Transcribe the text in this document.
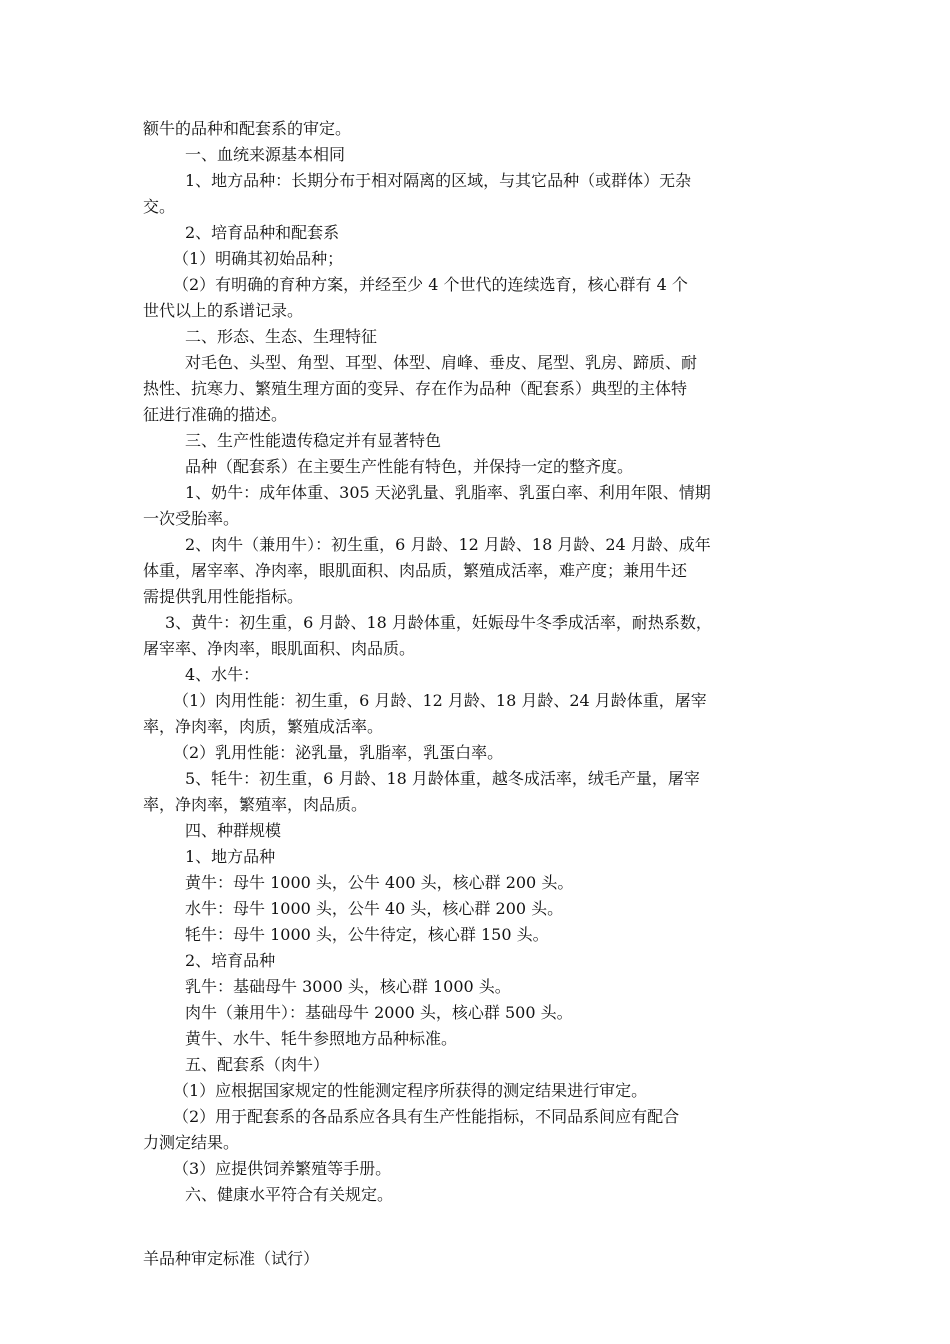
额牛的品种和配套系的审定。
一、血统来源基本相同
1、地方品种：长期分布于相对隔离的区域，与其它品种（或群体）无杂
交。
2、培育品种和配套系
（1）明确其初始品种；
（2）有明确的育种方案，并经至少 4 个世代的连续选育，核心群有 4 个
世代以上的系谱记录。
二、形态、生态、生理特征
对毛色、头型、角型、耳型、体型、肩峰、垂皮、尾型、乳房、蹄质、耐
热性、抗寒力、繁殖生理方面的变异、存在作为品种（配套系）典型的主体特
征进行准确的描述。
三、生产性能遗传稳定并有显著特色
品种（配套系）在主要生产性能有特色，并保持一定的整齐度。
1、奶牛：成年体重、305 天泌乳量、乳脂率、乳蛋白率、利用年限、情期
一次受胎率。
2、肉牛（兼用牛）：初生重，6 月龄、12 月龄、18 月龄、24 月龄、成年
体重，屠宰率、净肉率，眼肌面积、肉品质，繁殖成活率，难产度；兼用牛还
需提供乳用性能指标。
3、黄牛：初生重，6 月龄、18 月龄体重，妊娠母牛冬季成活率，耐热系数，
屠宰率、净肉率，眼肌面积、肉品质。
4、水牛：
（1）肉用性能：初生重，6 月龄、12 月龄、18 月龄、24 月龄体重，屠宰
率，净肉率，肉质，繁殖成活率。
（2）乳用性能：泌乳量，乳脂率，乳蛋白率。
5、牦牛：初生重，6 月龄、18 月龄体重，越冬成活率，绒毛产量，屠宰
率，净肉率，繁殖率，肉品质。
四、种群规模
1、地方品种
黄牛：母牛 1000 头，公牛 400 头，核心群 200 头。
水牛：母牛 1000 头，公牛 40 头，核心群 200 头。
牦牛：母牛 1000 头，公牛待定，核心群 150 头。
2、培育品种
乳牛：基础母牛 3000 头，核心群 1000 头。
肉牛（兼用牛）：基础母牛 2000 头，核心群 500 头。
黄牛、水牛、牦牛参照地方品种标准。
五、配套系（肉牛）
（1）应根据国家规定的性能测定程序所获得的测定结果进行审定。
（2）用于配套系的各品系应各具有生产性能指标，不同品系间应有配合
力测定结果。
（3）应提供饲养繁殖等手册。
六、健康水平符合有关规定。
羊品种审定标准（试行）
